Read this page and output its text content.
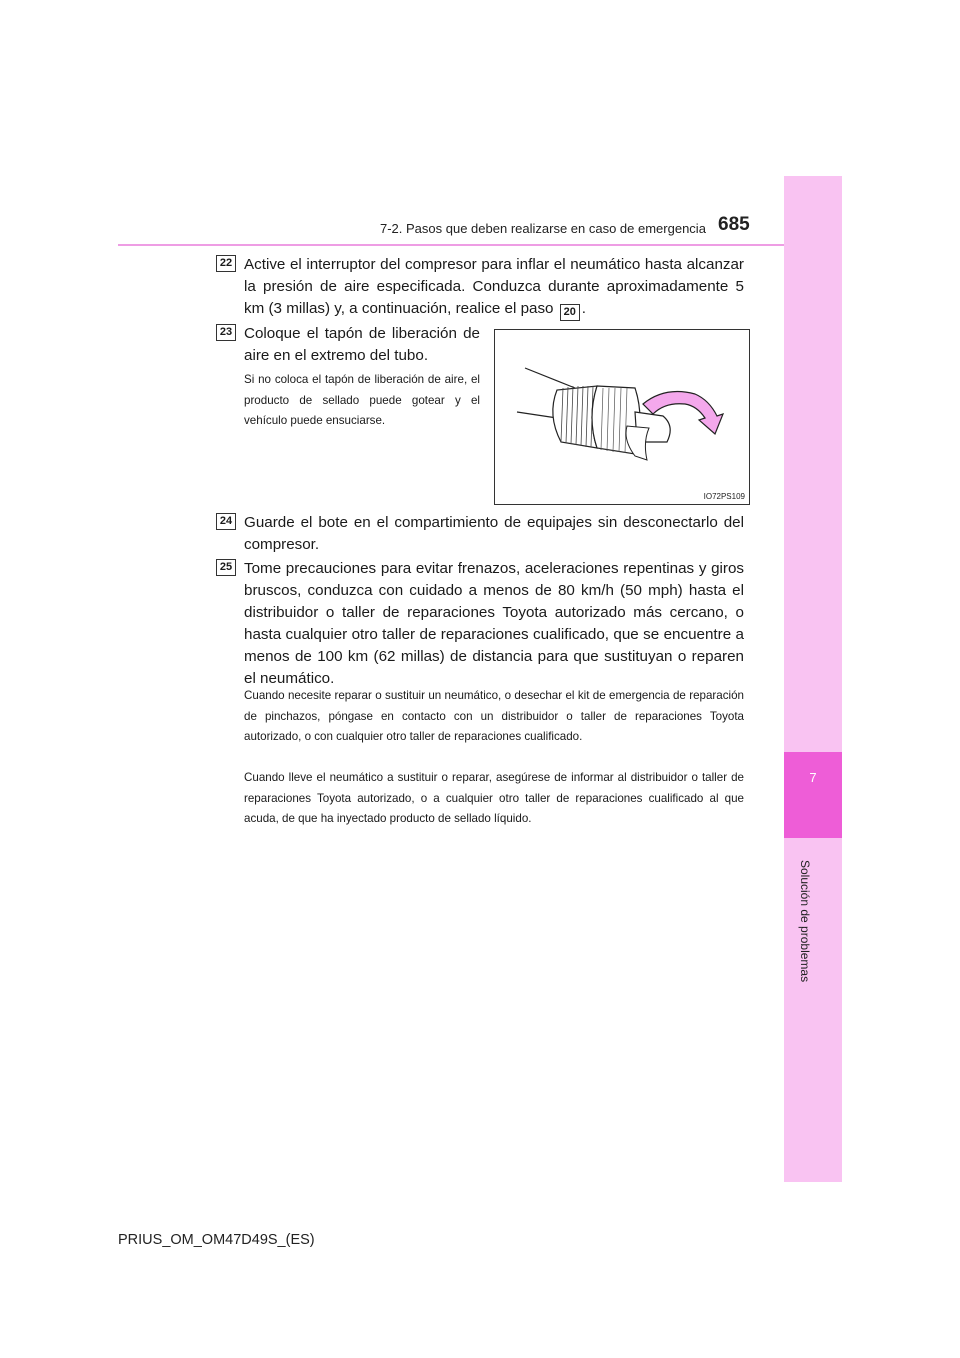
7
Solución de problemas
7-2. Pasos que deben realizarse en caso de emergencia 685
22 Active el interruptor del compresor para inflar el neumático hasta alcanzar la presión de aire especificada. Conduzca durante aproximadamente 5 km (3 millas) y, a continuación, realice el paso 20 .
23 Coloque el tapón de liberación de aire en el extremo del tubo.
Si no coloca el tapón de liberación de aire, el producto de sellado puede gotear y el vehículo puede ensuciarse.
IO72PS109
24 Guarde el bote en el compartimiento de equipajes sin desconectarlo del compresor.
25 Tome precauciones para evitar frenazos, aceleraciones repentinas y giros bruscos, conduzca con cuidado a menos de 80 km/h (50 mph) hasta el distribuidor o taller de reparaciones Toyota autorizado más cercano, o hasta cualquier otro taller de reparaciones cualificado, que se encuentre a menos de 100 km (62 millas) de distancia para que sustituyan o reparen el neumático.
Cuando necesite reparar o sustituir un neumático, o desechar el kit de emergencia de reparación de pinchazos, póngase en contacto con un distribuidor o taller de reparaciones Toyota autorizado, o con cualquier otro taller de reparaciones cualificado.
Cuando lleve el neumático a sustituir o reparar, asegúrese de informar al distribuidor o taller de reparaciones Toyota autorizado, o a cualquier otro taller de reparaciones cualificado al que acuda, de que ha inyectado producto de sellado líquido.
PRIUS_OM_OM47D49S_(ES)
